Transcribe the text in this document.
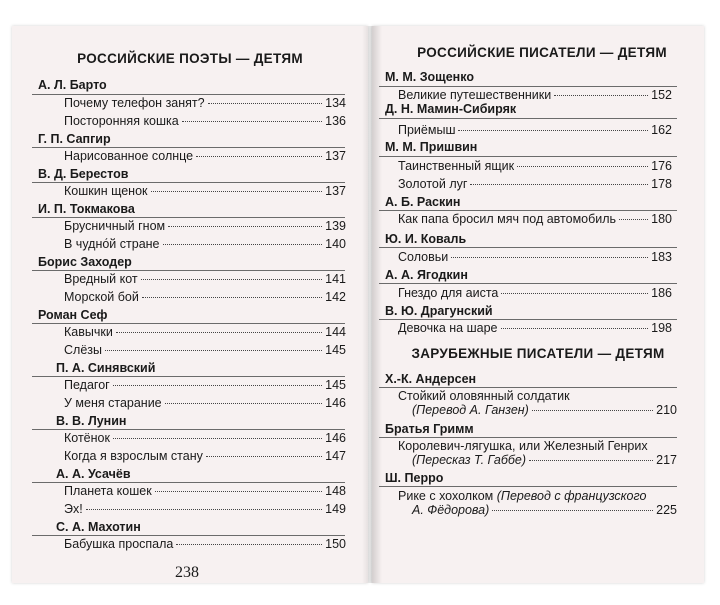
РОССИЙСКИЕ ПОЭТЫ — ДЕТЯМ
А. Л. Барто
Почему телефон занят?	134
Посторонняя кошка	136
Г. П. Сапгир
Нарисованное солнце	137
В. Д. Берестов
Кошкин щенок	137
И. П. Токмакова
Брусничный гном	139
В чудно́й стране	140
Борис Заходер
Вредный кот	141
Морской бой	142
Роман Сеф
Кавычки	144
Слёзы	145
П. А. Синявский
Педагог	145
У меня старание	146
В. В. Лунин
Котёнок	146
Когда я взрослым стану	147
А. А. Усачёв
Планета кошек	148
Эх!	149
С. А. Махотин
Бабушка проспала	150
238
РОССИЙСКИЕ ПИСАТЕЛИ — ДЕТЯМ
М. М. Зощенко
Великие путешественники	152
Д. Н. Мамин-Сибиряк
Приёмыш	162
М. М. Пришвин
Таинственный ящик	176
Золотой луг	178
А. Б. Раскин
Как папа бросил мяч под автомобиль	180
Ю. И. Коваль
Соловьи	183
А. А. Ягодкин
Гнездо для аиста	186
В. Ю. Драгунский
Девочка на шаре	198
ЗАРУБЕЖНЫЕ ПИСАТЕЛИ — ДЕТЯМ
Х.-К. Андерсен
Стойкий оловянный солдатик
(Перевод А. Ганзен)	210
Братья Гримм
Королевич-лягушка, или Железный Генрих
(Пересказ Т. Габбе)	217
Ш. Перро
Рике с хохолком (Перевод с французского
А. Фёдорова)	225
